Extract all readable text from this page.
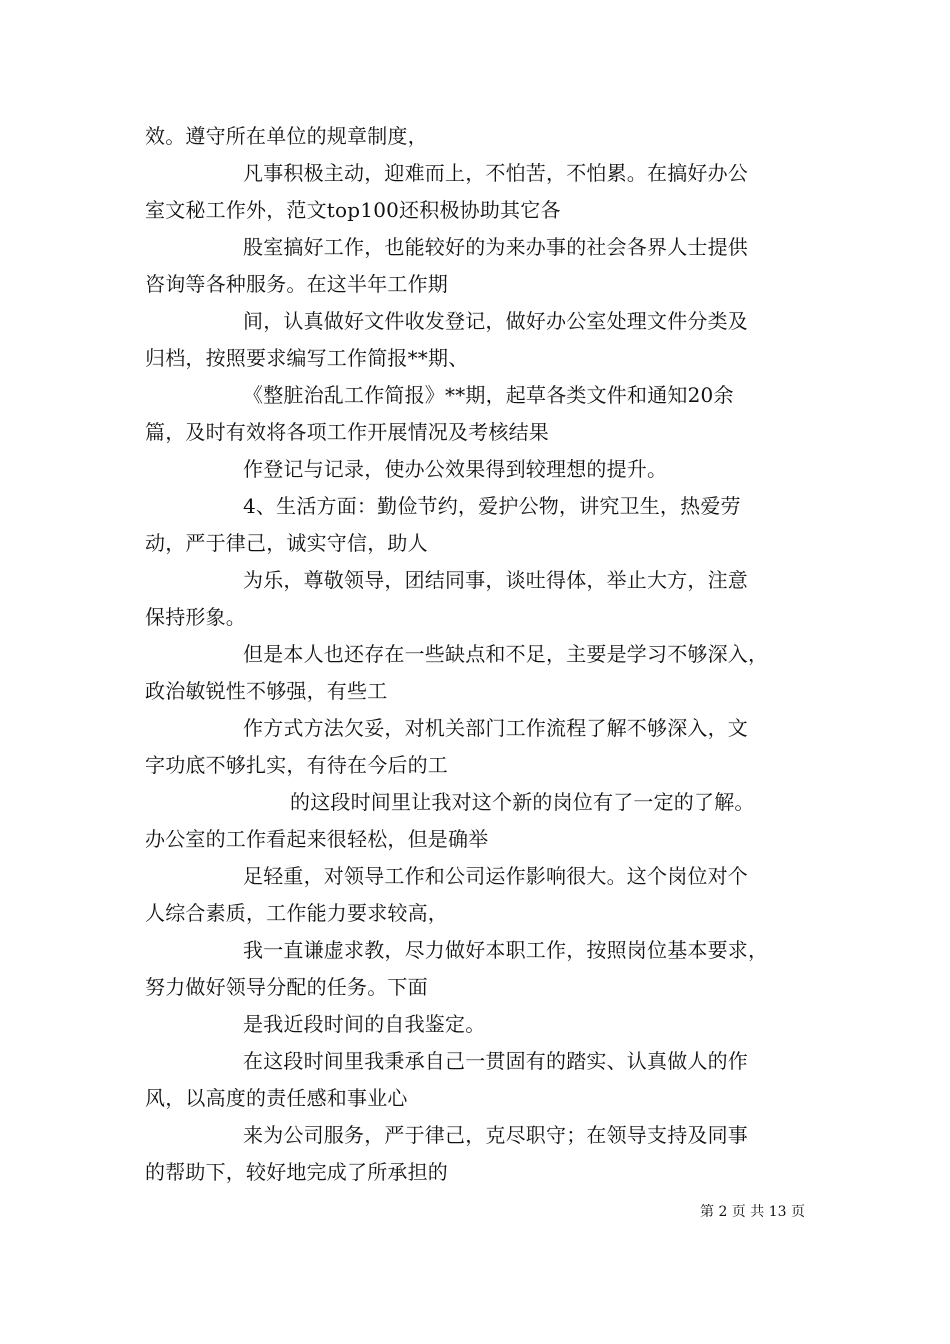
效。遵守所在单位的规章制度，
凡事积极主动，迎难而上，不怕苦，不怕累。在搞好办公
室文秘工作外，范文top100还积极协助其它各
股室搞好工作，也能较好的为来办事的社会各界人士提供
咨询等各种服务。在这半年工作期
间，认真做好文件收发登记，做好办公室处理文件分类及
归档，按照要求编写工作简报**期、
《整脏治乱工作简报》**期，起草各类文件和通知20余
篇，及时有效将各项工作开展情况及考核结果
作登记与记录，使办公效果得到较理想的提升。
4、生活方面：勤俭节约，爱护公物，讲究卫生，热爱劳
动，严于律己，诚实守信，助人
为乐，尊敬领导，团结同事，谈吐得体，举止大方，注意
保持形象。
但是本人也还存在一些缺点和不足，主要是学习不够深入，
政治敏锐性不够强，有些工
作方式方法欠妥，对机关部门工作流程了解不够深入，文
字功底不够扎实，有待在今后的工
的这段时间里让我对这个新的岗位有了一定的了解。
办公室的工作看起来很轻松，但是确举
足轻重，对领导工作和公司运作影响很大。这个岗位对个
人综合素质，工作能力要求较高，
我一直谦虚求教，尽力做好本职工作，按照岗位基本要求，
努力做好领导分配的任务。下面
是我近段时间的自我鉴定。
在这段时间里我秉承自己一贯固有的踏实、认真做人的作
风，以高度的责任感和事业心
来为公司服务，严于律己，克尽职守；在领导支持及同事
的帮助下，较好地完成了所承担的
第 2 页 共 13 页
